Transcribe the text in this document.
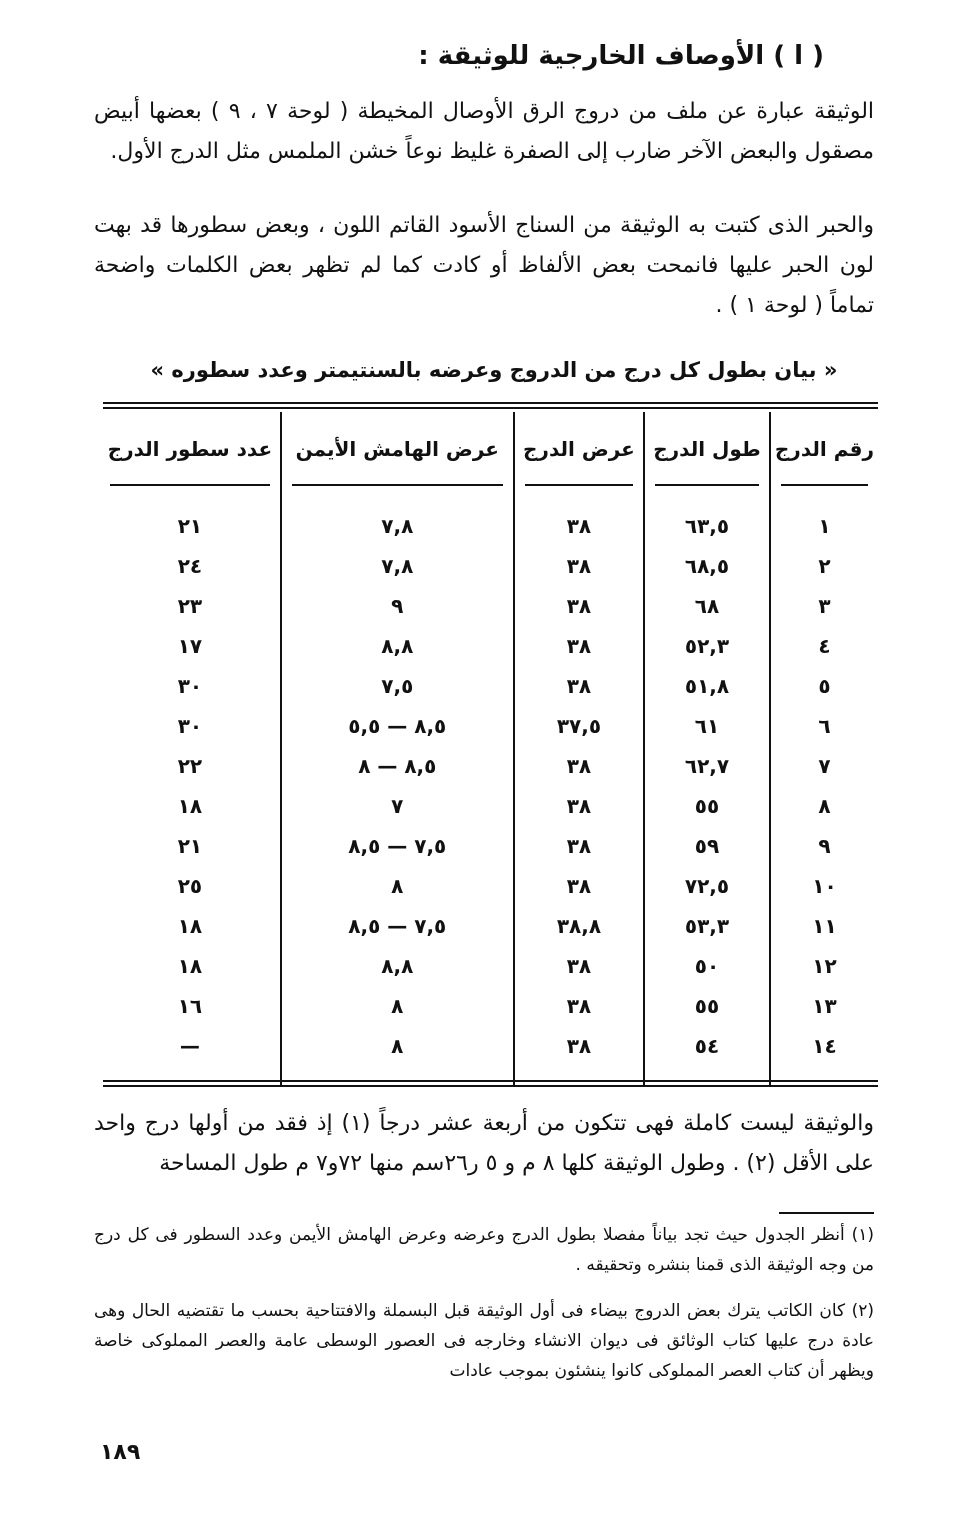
( ا ) الأوصاف الخارجية للوثيقة :
الوثيقة عبارة عن ملف من دروج الرق الأوصال المخيطة ( لوحة ٧ ، ٩ ) بعضها أبيض مصقول والبعض الآخر ضارب إلى الصفرة غليظ نوعاً خشن الملمس مثل الدرج الأول.
والحبر الذى كتبت به الوثيقة من السناج الأسود القاتم اللون ، وبعض سطورها قد بهت لون الحبر عليها فانمحت بعض الألفاظ أو كادت كما لم تظهر بعض الكلمات واضحة تماماً ( لوحة ١ ) .
« بيان بطول كل درج من الدروج وعرضه بالسنتيمتر وعدد سطوره »
رقم الدرج	طول الدرج	عرض الدرج	عرض الهامش الأيمن	عدد سطور الدرج

١	٦٣,٥	٣٨	٧,٨	٢١
٢	٦٨,٥	٣٨	٧,٨	٢٤
٣	٦٨	٣٨	٩	٢٣
٤	٥٢,٣	٣٨	٨,٨	١٧
٥	٥١,٨	٣٨	٧,٥	٣٠
٦	٦١	٣٧,٥	٨,٥ — ٥,٥	٣٠
٧	٦٢,٧	٣٨	٨,٥ — ٨	٢٢
٨	٥٥	٣٨	٧	١٨
٩	٥٩	٣٨	٧,٥ — ٨,٥	٢١
١٠	٧٢,٥	٣٨	٨	٢٥
١١	٥٣,٣	٣٨,٨	٧,٥ — ٨,٥	١٨
١٢	٥٠	٣٨	٨,٨	١٨
١٣	٥٥	٣٨	٨	١٦
١٤	٥٤	٣٨	٨	—

والوثيقة ليست كاملة فهى تتكون من أربعة عشر درجاً (١) إذ فقد من أولها درج واحد على الأقل (٢) . وطول الوثيقة كلها ٨ م و ٥ ر٢٦سم منها ٧٢و٧ م طول المساحة
(١) أنظر الجدول حيث تجد بياناً مفصلا بطول الدرج وعرضه وعرض الهامش الأيمن وعدد السطور فى كل درج من وجه الوثيقة الذى قمنا بنشره وتحقيقه .
(٢) كان الكاتب يترك بعض الدروج بيضاء فى أول الوثيقة قبل البسملة والافتتاحية بحسب ما تقتضيه الحال وهى عادة درج عليها كتاب الوثائق فى ديوان الانشاء وخارجه فى العصور الوسطى عامة والعصر المملوكى خاصة ويظهر أن كتاب العصر المملوكى كانوا ينشئون بموجب عادات
١٨٩
